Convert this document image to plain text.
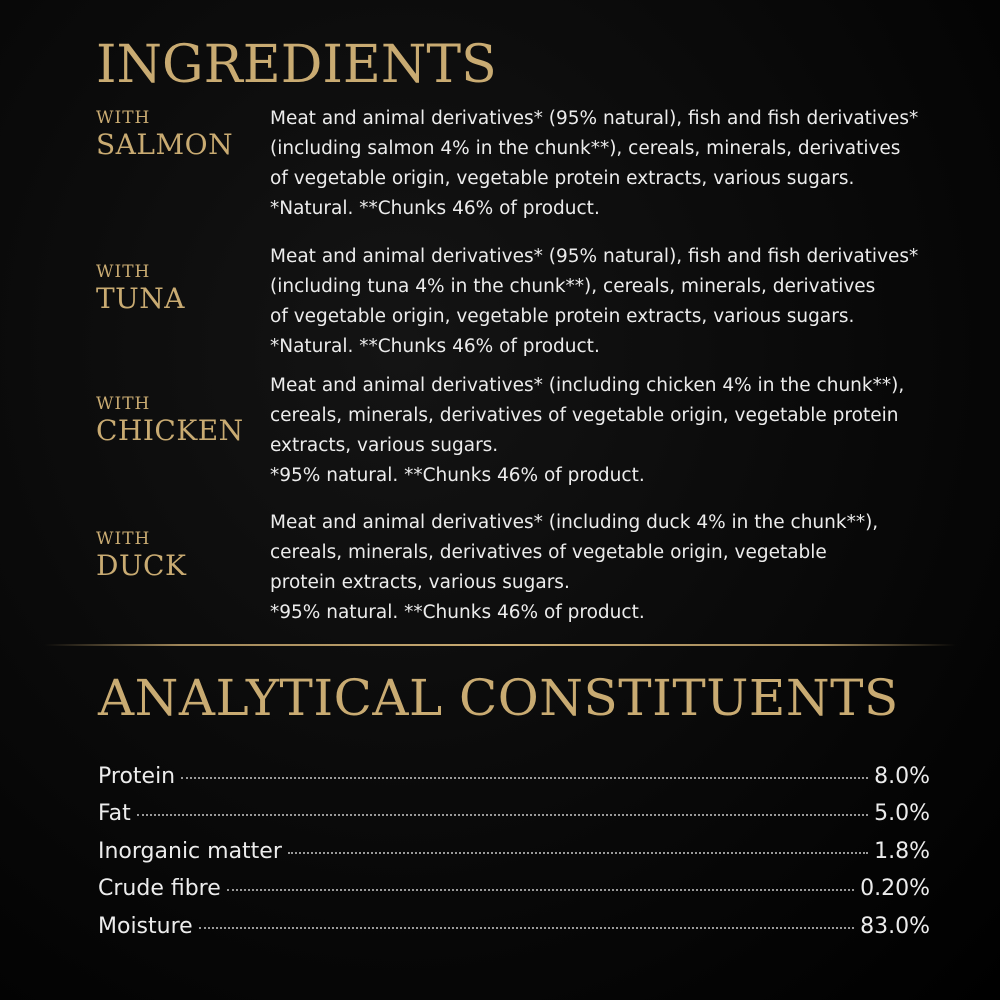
INGREDIENTS
WITH
SALMON
Meat and animal derivatives* (95% natural), fish and fish derivatives*
(including salmon 4% in the chunk**), cereals, minerals, derivatives
of vegetable origin, vegetable protein extracts, various sugars.
*Natural. **Chunks 46% of product.
WITH
TUNA
Meat and animal derivatives* (95% natural), fish and fish derivatives*
(including tuna 4% in the chunk**), cereals, minerals, derivatives
of vegetable origin, vegetable protein extracts, various sugars.
*Natural. **Chunks 46% of product.
WITH
CHICKEN
Meat and animal derivatives* (including chicken 4% in the chunk**),
cereals, minerals, derivatives of vegetable origin, vegetable protein
extracts, various sugars.
*95% natural. **Chunks 46% of product.
WITH
DUCK
Meat and animal derivatives* (including duck 4% in the chunk**),
cereals, minerals, derivatives of vegetable origin, vegetable
protein extracts, various sugars.
*95% natural. **Chunks 46% of product.
ANALYTICAL CONSTITUENTS
Protein	8.0%
Fat	5.0%
Inorganic matter	1.8%
Crude fibre	0.20%
Moisture	83.0%
